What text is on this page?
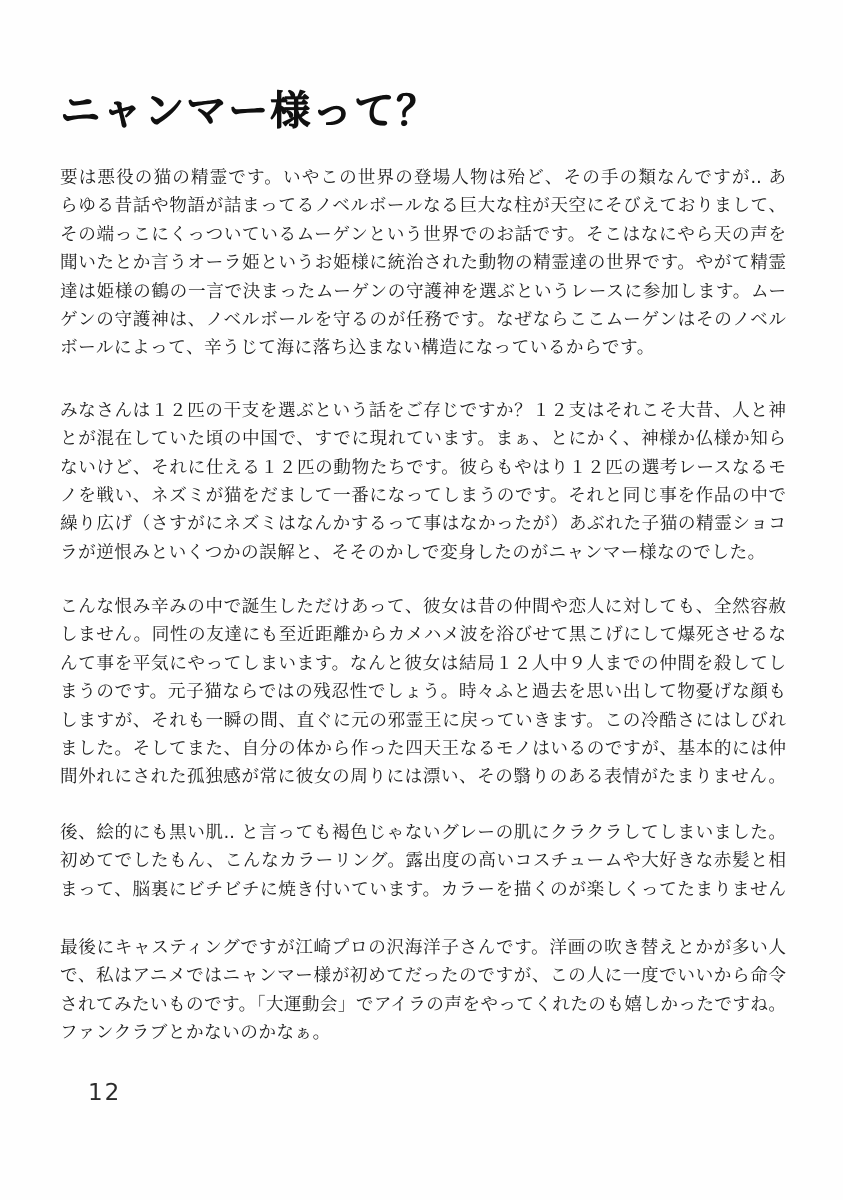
ニャンマー様って？
要は悪役の猫の精霊です。いやこの世界の登場人物は殆ど、その手の類なんですが.. あ
らゆる昔話や物語が詰まってるノベルボールなる巨大な柱が天空にそびえておりまして、
その端っこにくっついているムーゲンという世界でのお話です。そこはなにやら天の声を
聞いたとか言うオーラ姫というお姫様に統治された動物の精霊達の世界です。やがて精霊
達は姫様の鶴の一言で決まったムーゲンの守護神を選ぶというレースに参加します。ムー
ゲンの守護神は、ノベルボールを守るのが任務です。なぜならここムーゲンはそのノベル
ボールによって、辛うじて海に落ち込まない構造になっているからです。
みなさんは１２匹の干支を選ぶという話をご存じですか？１２支はそれこそ大昔、人と神
とが混在していた頃の中国で、すでに現れています。まぁ、とにかく、神様か仏様か知ら
ないけど、それに仕える１２匹の動物たちです。彼らもやはり１２匹の選考レースなるモ
ノを戦い、ネズミが猫をだまして一番になってしまうのです。それと同じ事を作品の中で
繰り広げ（さすがにネズミはなんかするって事はなかったが）あぶれた子猫の精霊ショコ
ラが逆恨みといくつかの誤解と、そそのかしで変身したのがニャンマー様なのでした。
こんな恨み辛みの中で誕生しただけあって、彼女は昔の仲間や恋人に対しても、全然容赦
しません。同性の友達にも至近距離からカメハメ波を浴びせて黒こげにして爆死させるな
んて事を平気にやってしまいます。なんと彼女は結局１２人中９人までの仲間を殺してし
まうのです。元子猫ならではの残忍性でしょう。時々ふと過去を思い出して物憂げな顔も
しますが、それも一瞬の間、直ぐに元の邪霊王に戻っていきます。この冷酷さにはしびれ
ました。そしてまた、自分の体から作った四天王なるモノはいるのですが、基本的には仲
間外れにされた孤独感が常に彼女の周りには漂い、その翳りのある表情がたまりません。
後、絵的にも黒い肌.. と言っても褐色じゃないグレーの肌にクラクラしてしまいました。
初めてでしたもん、こんなカラーリング。露出度の高いコスチュームや大好きな赤髪と相
まって、脳裏にビチビチに焼き付いています。カラーを描くのが楽しくってたまりません
最後にキャスティングですが江崎プロの沢海洋子さんです。洋画の吹き替えとかが多い人
で、私はアニメではニャンマー様が初めてだったのですが、この人に一度でいいから命令
されてみたいものです。「大運動会」でアイラの声をやってくれたのも嬉しかったですね。
ファンクラブとかないのかなぁ。
12
